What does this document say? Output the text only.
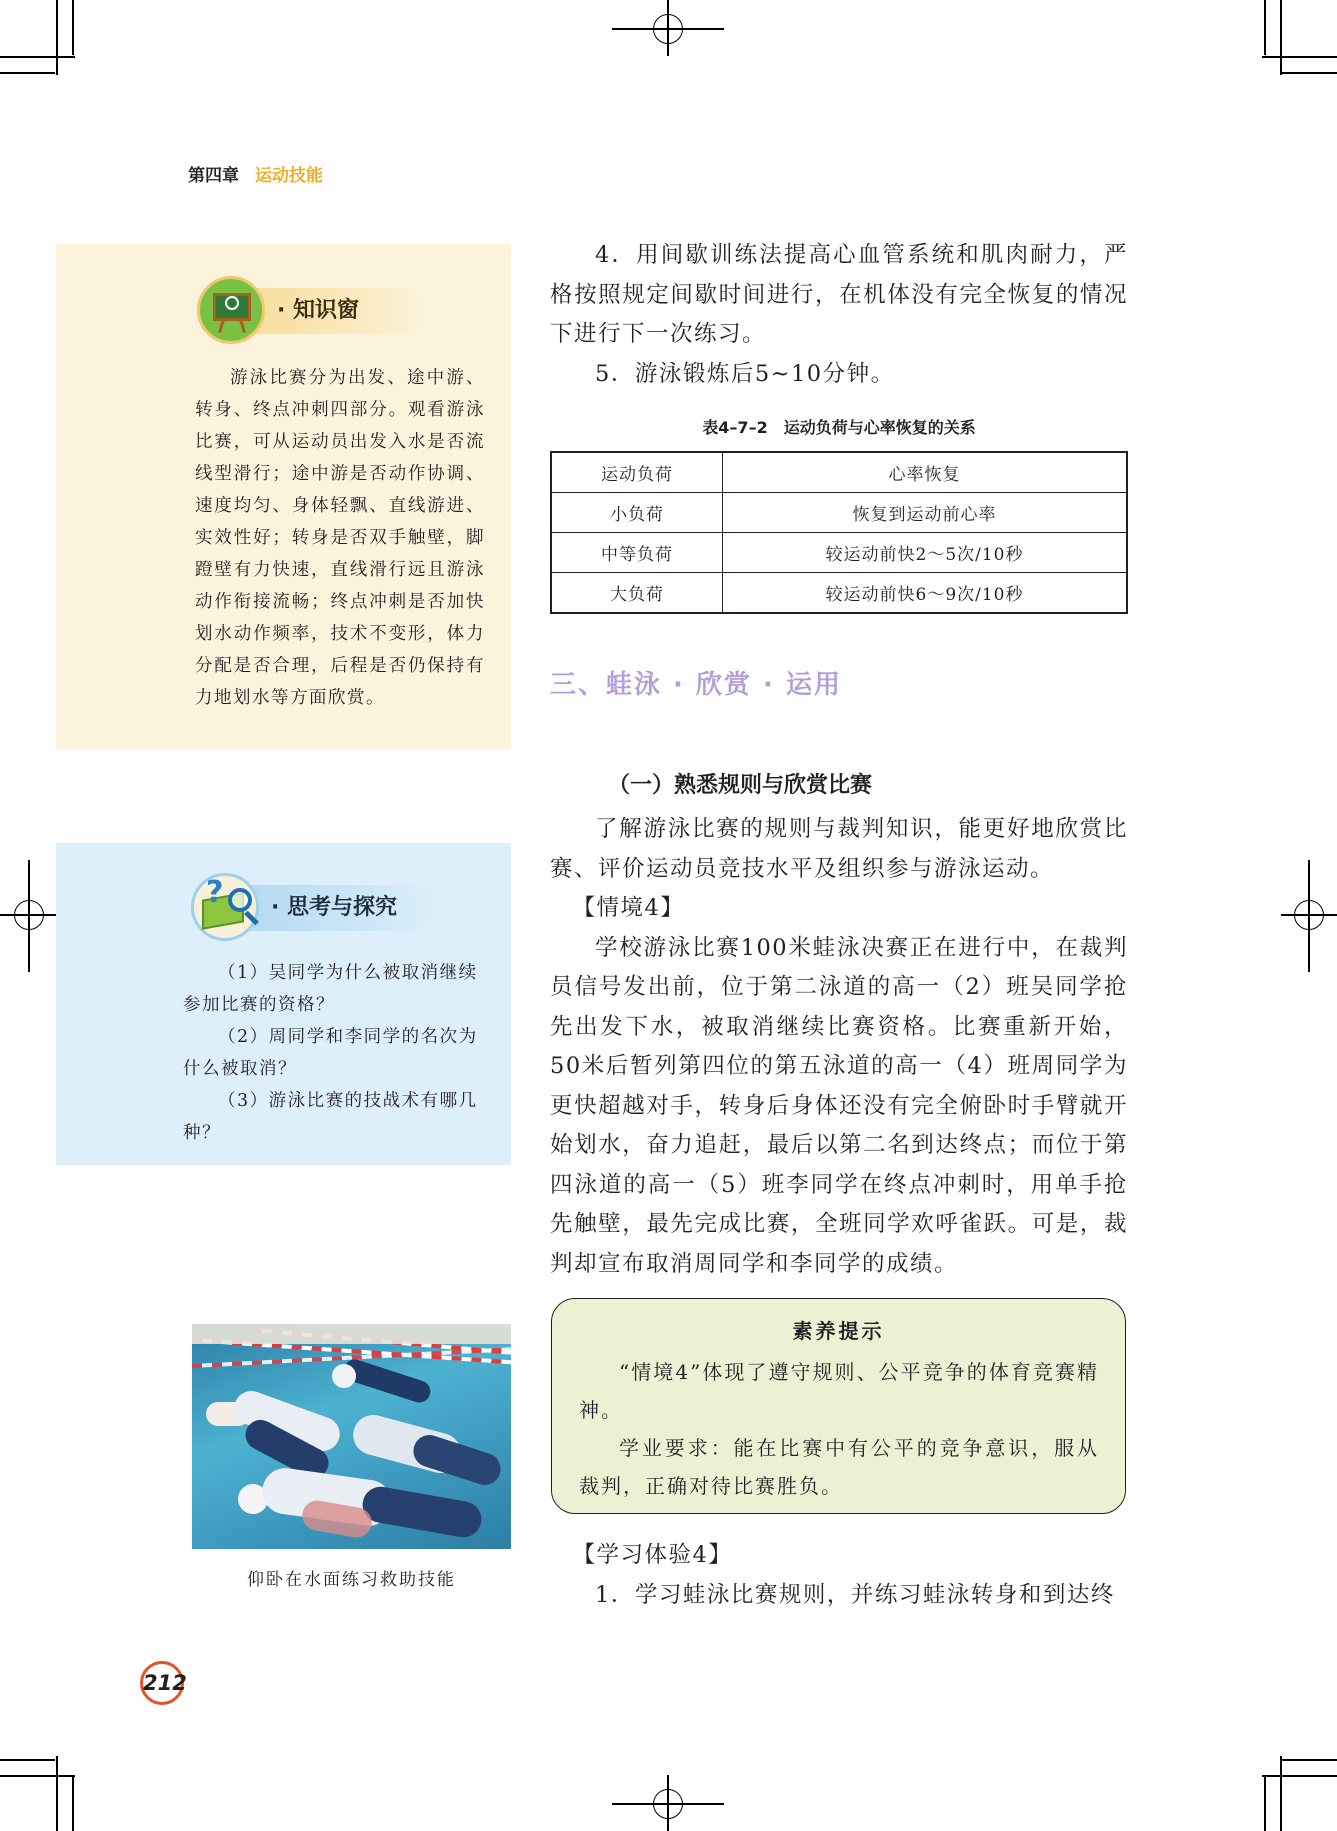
第四章 运动技能
· 知识窗

游泳比赛分为出发、途中游、转身、终点冲刺四部分。观看游泳比赛，可从运动员出发入水是否流线型滑行；途中游是否动作协调、速度均匀、身体轻飘、直线游进、实效性好；转身是否双手触壁，脚蹬壁有力快速，直线滑行远且游泳动作衔接流畅；终点冲刺是否加快划水动作频率，技术不变形，体力分配是否合理，后程是否仍保持有力地划水等方面欣赏。

? · 思考与探究

（1）吴同学为什么被取消继续参加比赛的资格？

（2）周同学和李同学的名次为什么被取消？

（3）游泳比赛的技战术有哪几种？

4．用间歇训练法提高心血管系统和肌肉耐力，严格按照规定间歇时间进行，在机体没有完全恢复的情况下进行下一次练习。

5．游泳锻炼后5~10分钟。

表4–7–2　运动负荷与心率恢复的关系
运动负荷	心率恢复
小负荷	恢复到运动前心率
中等负荷	较运动前快2～5次/10秒
大负荷	较运动前快6～9次/10秒
三、蛙泳 · 欣赏 · 运用
（一）熟悉规则与欣赏比赛

了解游泳比赛的规则与裁判知识，能更好地欣赏比赛、评价运动员竞技水平及组织参与游泳运动。

【情境4】

学校游泳比赛100米蛙泳决赛正在进行中，在裁判员信号发出前，位于第二泳道的高一（2）班吴同学抢先出发下水，被取消继续比赛资格。比赛重新开始，50米后暂列第四位的第五泳道的高一（4）班周同学为更快超越对手，转身后身体还没有完全俯卧时手臂就开始划水，奋力追赶，最后以第二名到达终点；而位于第四泳道的高一（5）班李同学在终点冲刺时，用单手抢先触壁，最先完成比赛，全班同学欢呼雀跃。可是，裁判却宣布取消周同学和李同学的成绩。

素养提示

“情境4”体现了遵守规则、公平竞争的体育竞赛精神。

学业要求：能在比赛中有公平的竞争意识，服从裁判，正确对待比赛胜负。

【学习体验4】

1．学习蛙泳比赛规则，并练习蛙泳转身和到达终

仰卧在水面练习救助技能
212
